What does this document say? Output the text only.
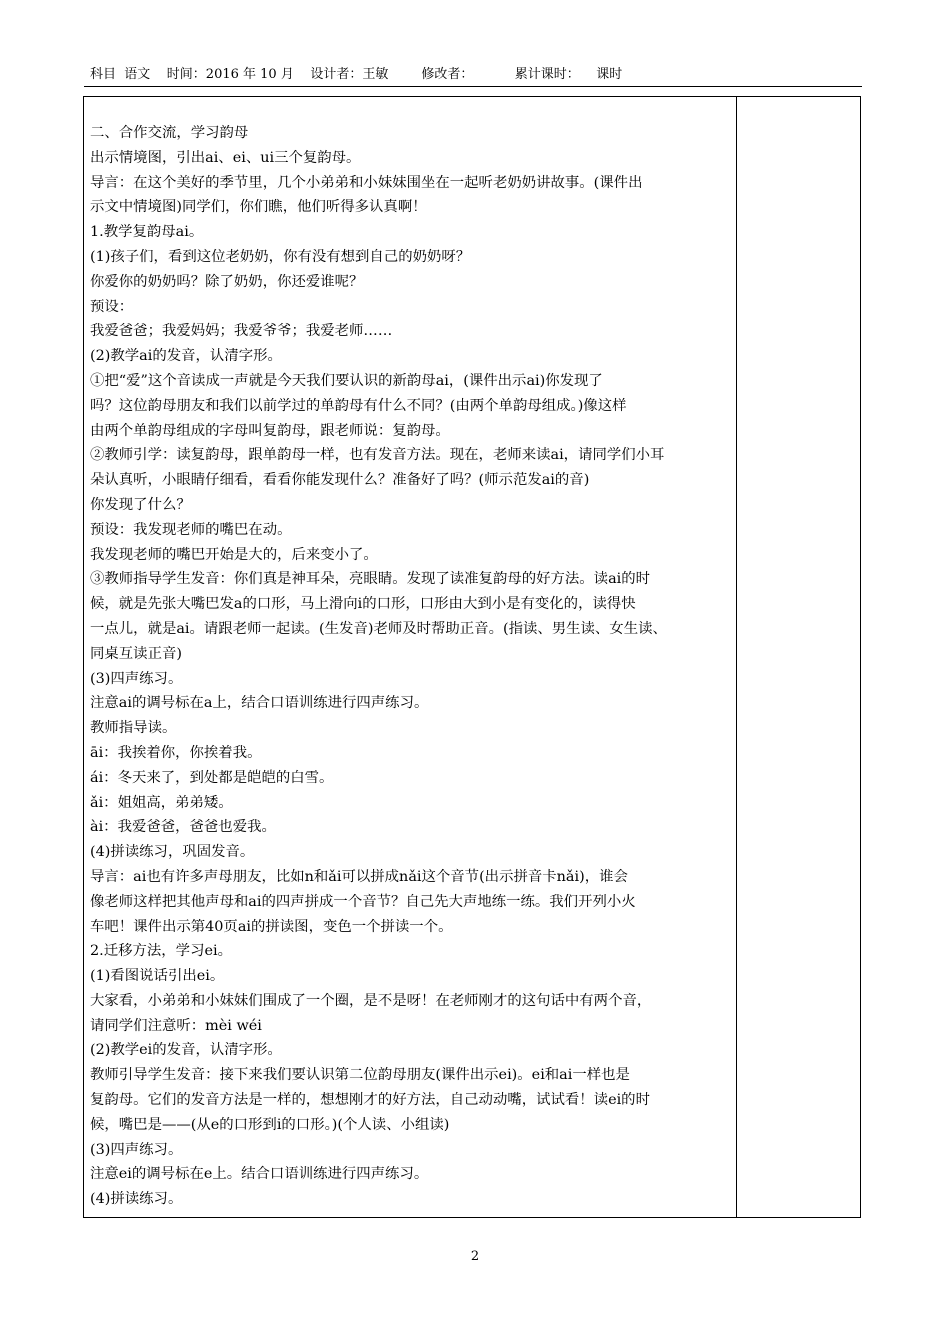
科目  语文    时间：2016 年 10 月    设计者：王敏        修改者：          累计课时：    课时
二、合作交流，学习韵母
出示情境图，引出ai、ei、ui三个复韵母。
导言：在这个美好的季节里，几个小弟弟和小妹妹围坐在一起听老奶奶讲故事。(课件出
示文中情境图)同学们，你们瞧，他们听得多认真啊！
1.教学复韵母ai。
(1)孩子们，看到这位老奶奶，你有没有想到自己的奶奶呀？
你爱你的奶奶吗？除了奶奶，你还爱谁呢？
预设：
我爱爸爸；我爱妈妈；我爱爷爷；我爱老师……
(2)教学ai的发音，认清字形。
①把“爱”这个音读成一声就是今天我们要认识的新韵母ai，(课件出示ai)你发现了
吗？这位韵母朋友和我们以前学过的单韵母有什么不同？(由两个单韵母组成。)像这样
由两个单韵母组成的字母叫复韵母，跟老师说：复韵母。
②教师引学：读复韵母，跟单韵母一样，也有发音方法。现在，老师来读ai，请同学们小耳
朵认真听，小眼睛仔细看，看看你能发现什么？准备好了吗？(师示范发ai的音)
你发现了什么？
预设：我发现老师的嘴巴在动。
我发现老师的嘴巴开始是大的，后来变小了。
③教师指导学生发音：你们真是神耳朵，亮眼睛。发现了读准复韵母的好方法。读ai的时
候，就是先张大嘴巴发a的口形，马上滑向i的口形，口形由大到小是有变化的，读得快
一点儿，就是ai。请跟老师一起读。(生发音)老师及时帮助正音。(指读、男生读、女生读、
同桌互读正音)
(3)四声练习。
注意ai的调号标在a上，结合口语训练进行四声练习。
教师指导读。
āi：我挨着你，你挨着我。
ái：冬天来了，到处都是皑皑的白雪。
ǎi：姐姐高，弟弟矮。
ài：我爱爸爸，爸爸也爱我。
(4)拼读练习，巩固发音。
导言：ai也有许多声母朋友，比如n和ǎi可以拼成nǎi这个音节(出示拼音卡nǎi)，谁会
像老师这样把其他声母和ai的四声拼成一个音节？自己先大声地练一练。我们开列小火
车吧！课件出示第40页ai的拼读图，变色一个拼读一个。
2.迁移方法，学习ei。
(1)看图说话引出ei。
大家看，小弟弟和小妹妹们围成了一个圈，是不是呀！在老师刚才的这句话中有两个音，
请同学们注意听：mèi wéi
(2)教学ei的发音，认清字形。
教师引导学生发音：接下来我们要认识第二位韵母朋友(课件出示ei)。ei和ai一样也是
复韵母。它们的发音方法是一样的，想想刚才的好方法，自己动动嘴，试试看！读ei的时
候，嘴巴是——(从e的口形到i的口形。)(个人读、小组读)
(3)四声练习。
注意ei的调号标在e上。结合口语训练进行四声练习。
(4)拼读练习。
2
